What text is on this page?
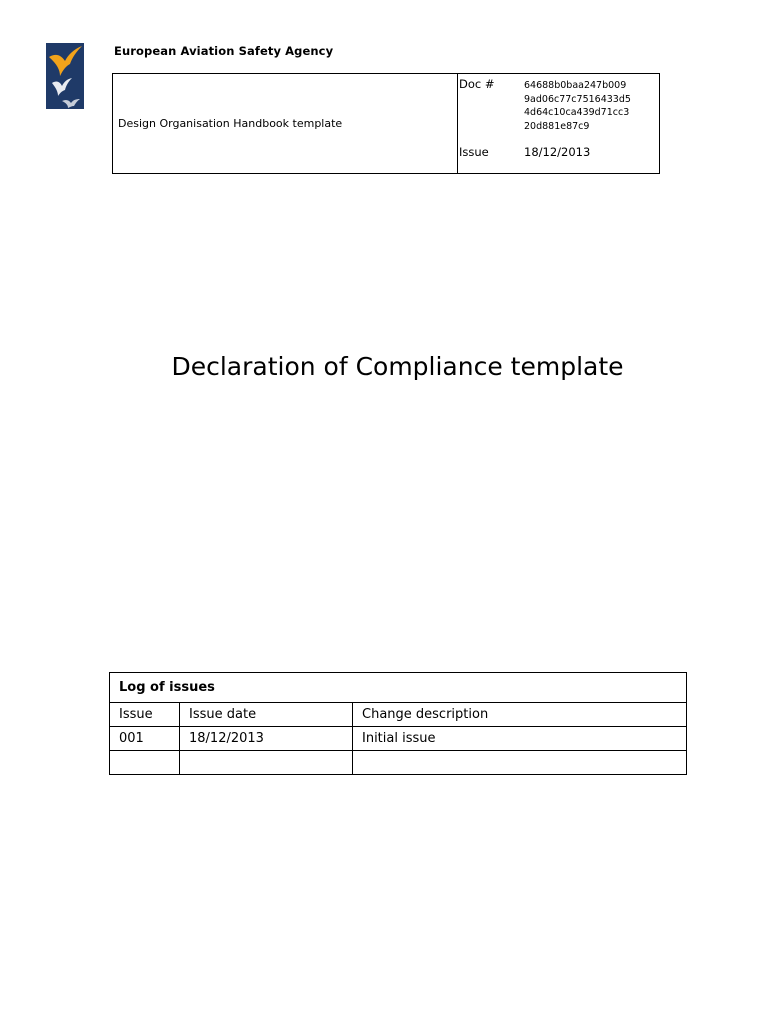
European Aviation Safety Agency
Design Organisation Handbook template	
Doc #	64688b0baa247b009
9ad06c77c7516433d5
4d64c10ca439d71cc3
20d881e87c9
Issue	18/12/2013
Declaration of Compliance template
Log of issues		
Issue	Issue date	Change description
001	18/12/2013	Initial issue
